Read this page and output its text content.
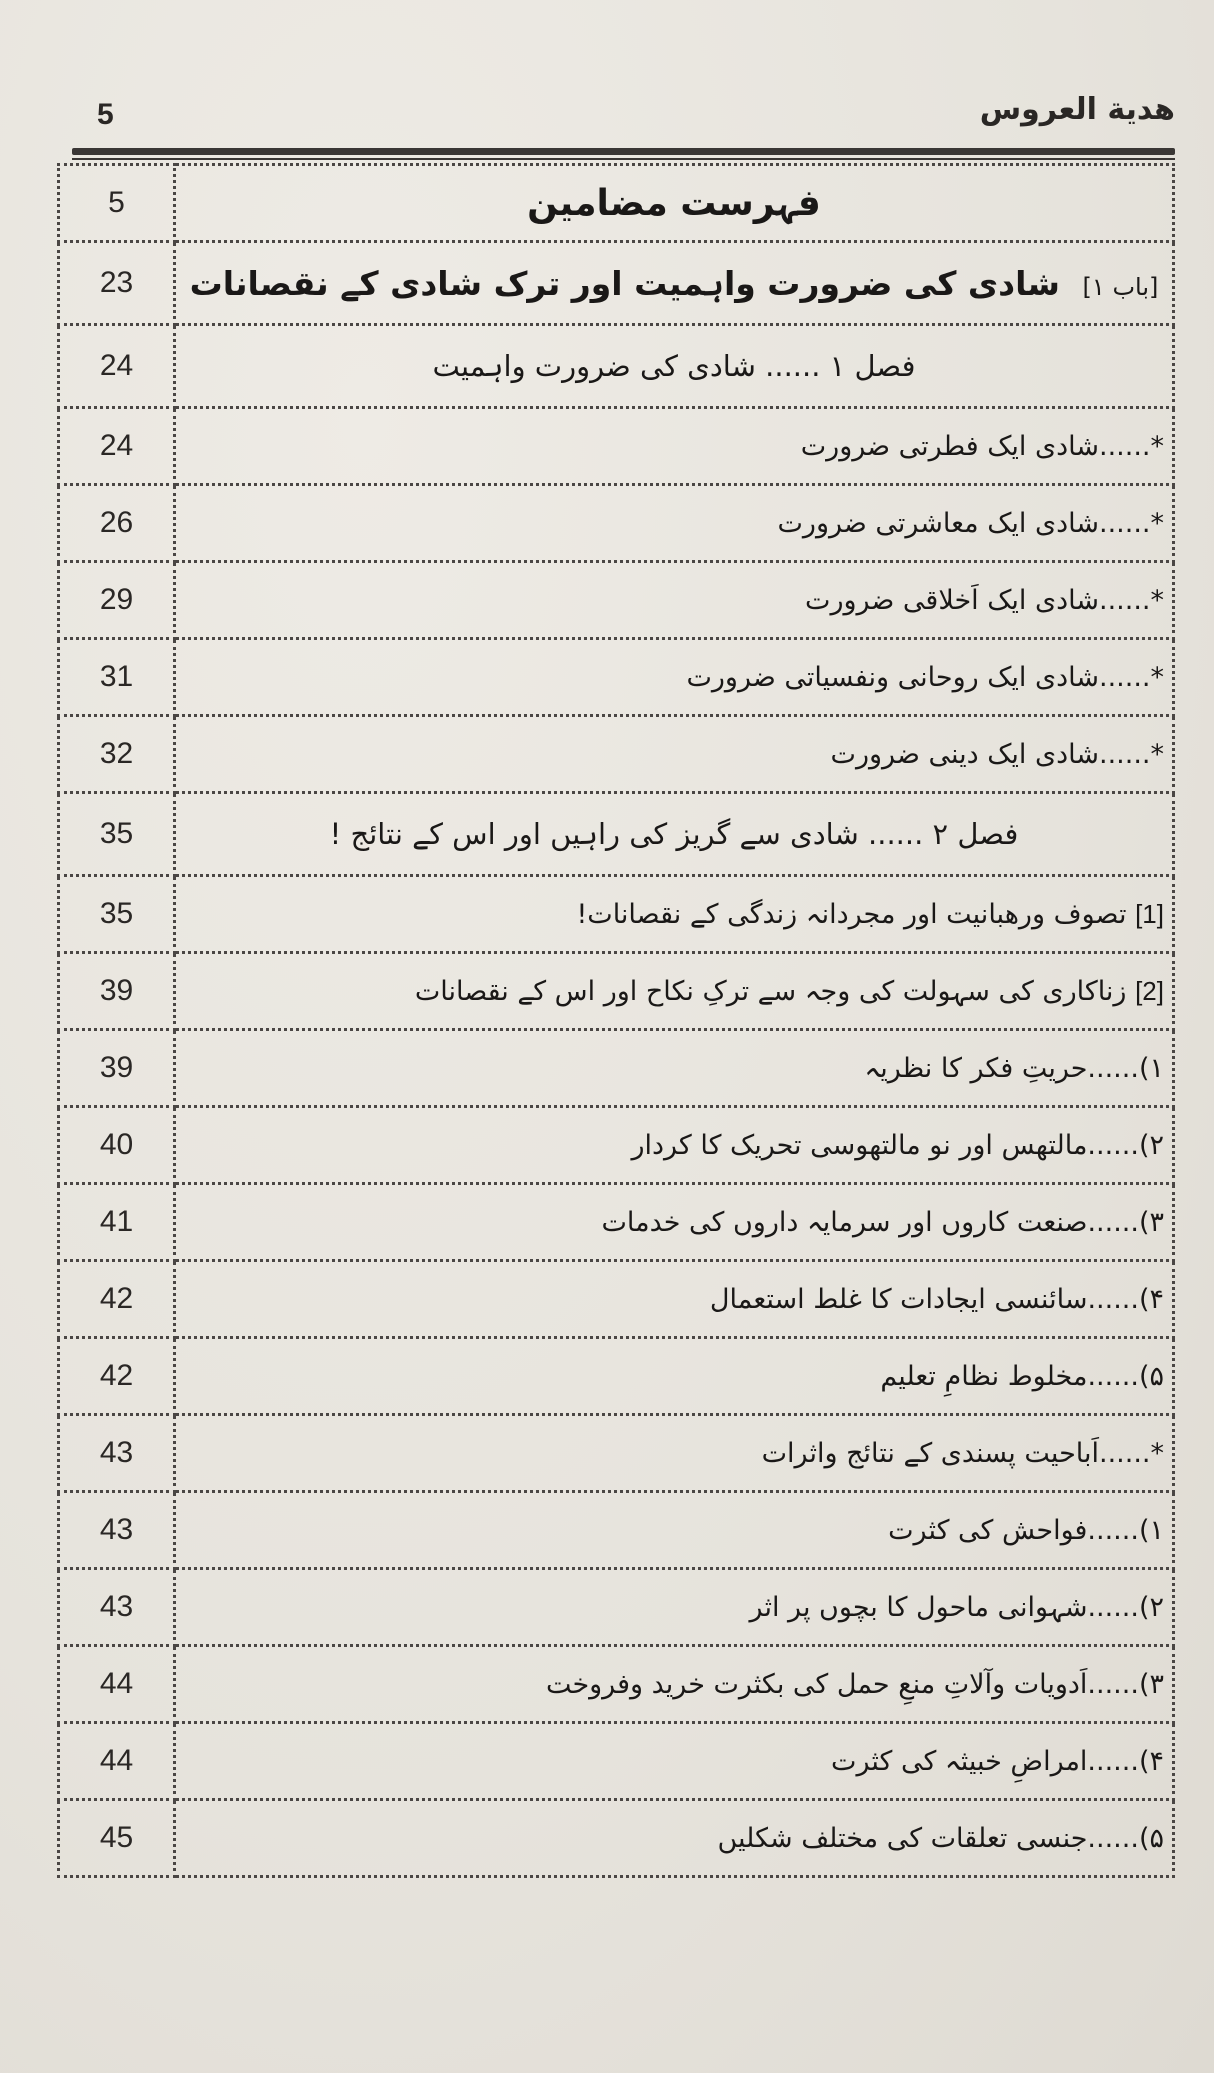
5	هدية العروس
5	فہرست مضامین
23	[باب ۱] شادی کی ضرورت واہمیت اور ترک شادی کے نقصانات
24	فصل ۱ ...... شادی کی ضرورت واہمیت
24	*......شادی ایک فطرتی ضرورت
26	*......شادی ایک معاشرتی ضرورت
29	*......شادی ایک اَخلاقی ضرورت
31	*......شادی ایک روحانی ونفسیاتی ضرورت
32	*......شادی ایک دینی ضرورت
35	فصل ۲ ...... شادی سے گریز کی راہیں اور اس کے نتائج !
35	[1] تصوف ورھبانیت اور مجردانہ زندگی کے نقصانات!
39	[2] زناکاری کی سہولت کی وجہ سے ترکِ نکاح اور اس کے نقصانات
39	۱)......حریتِ فکر کا نظریہ
40	۲)......مالتھس اور نو مالتھوسی تحریک کا کردار
41	۳)......صنعت کاروں اور سرمایہ داروں کی خدمات
42	۴)......سائنسی ایجادات کا غلط استعمال
42	۵)......مخلوط نظامِ تعلیم
43	*......اَباحیت پسندی کے نتائج واثرات
43	۱)......فواحش کی کثرت
43	۲)......شہوانی ماحول کا بچوں پر اثر
44	۳)......اَدویات وآلاتِ منعِ حمل کی بکثرت خرید وفروخت
44	۴)......امراضِ خبیثہ کی کثرت
45	۵)......جنسی تعلقات کی مختلف شکلیں
